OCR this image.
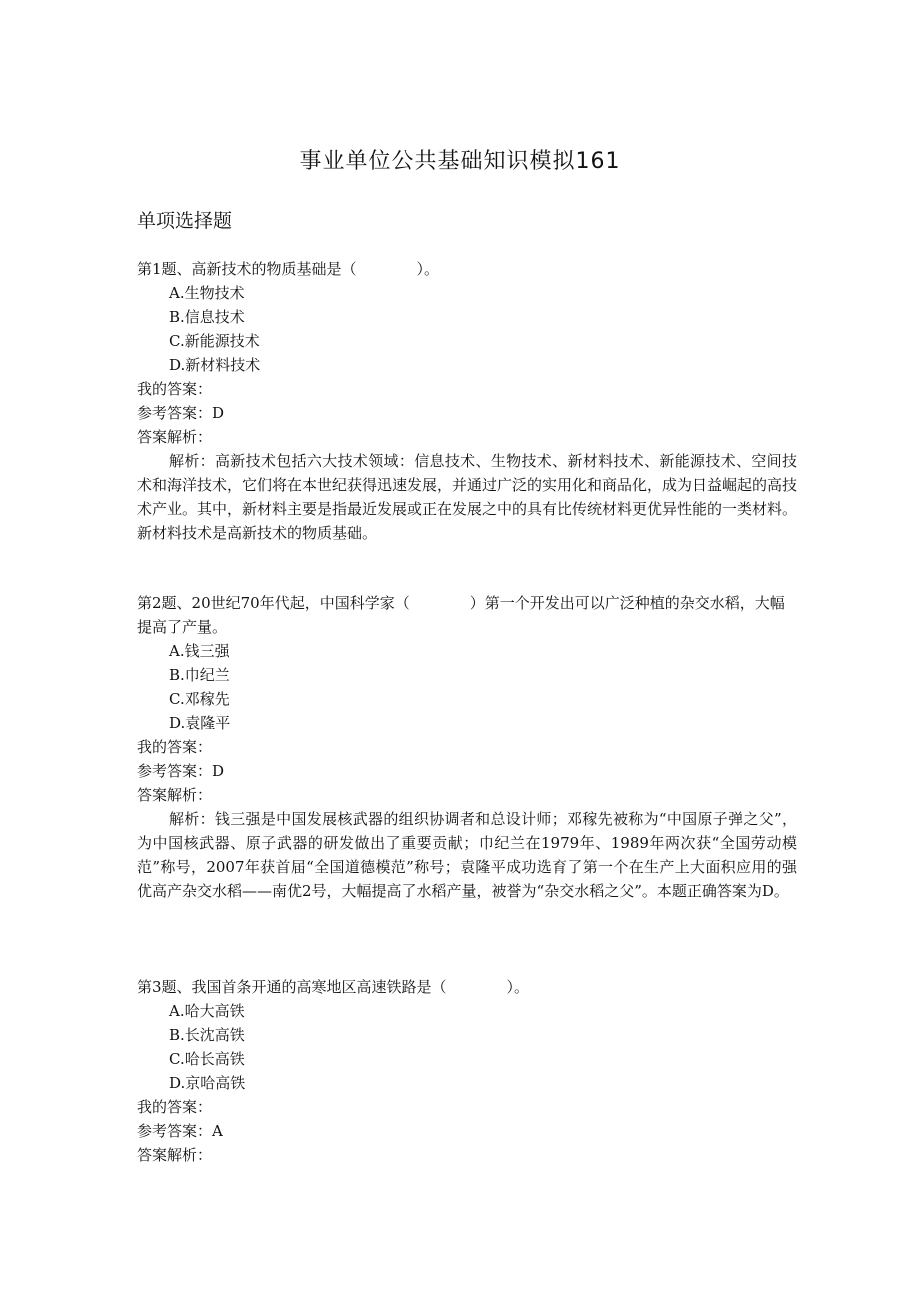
事业单位公共基础知识模拟161
单项选择题

第1题、高新技术的物质基础是（　　　　）。

A.生物技术

B.信息技术

C.新能源技术

D.新材料技术

我的答案：

参考答案：D

答案解析：

解析：高新技术包括六大技术领域：信息技术、生物技术、新材料技术、新能源技术、空间技术和海洋技术，它们将在本世纪获得迅速发展，并通过广泛的实用化和商品化，成为日益崛起的高技术产业。其中，新材料主要是指最近发展或正在发展之中的具有比传统材料更优异性能的一类材料。新材料技术是高新技术的物质基础。

第2题、20世纪70年代起，中国科学家（　　　　）第一个开发出可以广泛种植的杂交水稻，大幅提高了产量。

A.钱三强

B.巾纪兰

C.邓稼先

D.袁隆平

我的答案：

参考答案：D

答案解析：

解析：钱三强是中国发展核武器的组织协调者和总设计师；邓稼先被称为“中国原子弹之父”，为中国核武器、原子武器的研发做出了重要贡献；巾纪兰在1979年、1989年两次获“全国劳动模范”称号，2007年获首届“全国道德模范”称号；袁隆平成功选育了第一个在生产上大面积应用的强优高产杂交水稻——南优2号，大幅提高了水稻产量，被誉为“杂交水稻之父”。本题正确答案为D。

第3题、我国首条开通的高寒地区高速铁路是（　　　　）。

A.哈大高铁

B.长沈高铁

C.哈长高铁

D.京哈高铁

我的答案：

参考答案：A

答案解析：
